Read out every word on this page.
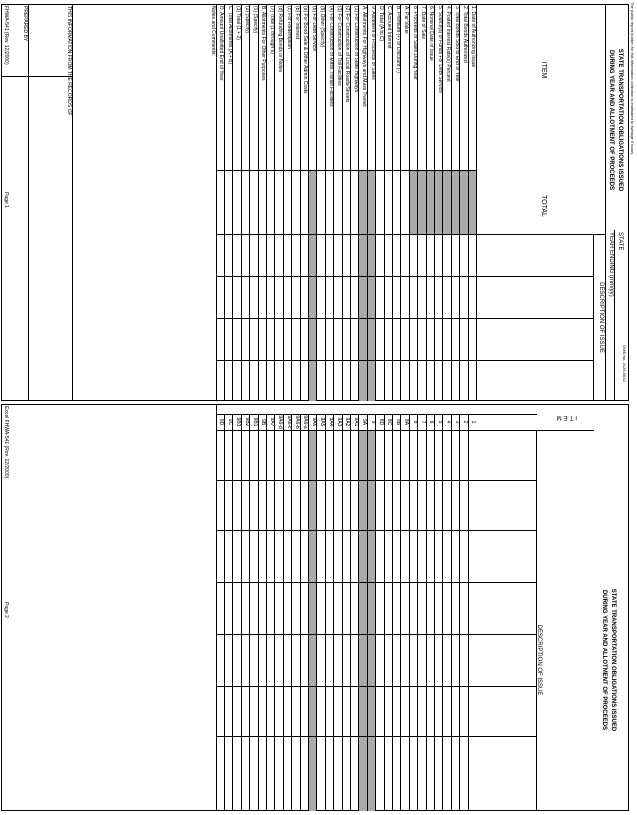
The public report burden for this information collection is estimated to average 5 hours.
OMB No. 2125-0032
STATE TRANSPORTATION OBLIGATIONS ISSUED
DURING YEAR AND ALLOTMENT OF PROCEEDS
STATE
YEAR ENDING (mm/yy)
ITEM
TOTAL
DESCRIPTION OF ISSUE
1. Date of Authorizing Issue
2. Total Bonds Authorized
3. Total Bonds Sold to End of Year
4. Posted Interest Rate(s) Percent
5. Source(s) of Funds For Debt Service
6. Nominal Date of Issue
7. Date of Sale
8. Proceeds of Sales During Year
A. Par Value
B. Premium (+) or Discount (-)
C. Accrued Interest
D. Total (A to C)
9. Allotment of Proceeds of Sales
A. Allotments For Highways and Mass Transit
(1) For Construction of State Highways
(2) For Construction of Local Roads/Streets
(3) For Construction of Toll Facilities
(4) For Construction of Mass Transit Facilities
(5) Other (Specify)
(6) For Debt Service
(a) For Bond Sale & Other Admin Costs
(b) For Interest
(c) For Redemption
(d) Refunding Bonds or Notes
(7) Total (1 through 6)
B. Allotments For Other Purposes
(1) (Specify)
(2) (Specify)
(3) Total (1 + 2)
C. Total Allotments (A + B)
D. Amount Unallotted End of Year
Notes and Comments:
THIS INFORMATION FROM THE RECORDS OF
PREPARED BY
FHWA-541 (Rev. 12/2000)
Page 1
STATE TRANSPORTATION OBLIGATIONS ISSUED
DURING YEAR AND ALLOTMENT OF PROCEEDS
ITEM
DESCRIPTION OF ISSUE
1
2
3
4
5
6
7
8
8A
8B
8C
8D
9
9A
9A1
9A2
9A3
9A4
9A5
9A6
9A6-a
9A6-b
9A6-c
9A6-d
9A7
9B
9B1
9B2
9B3
9C
9D
Excel FHWA-541 (Rev. 12/2000)
Page 2
